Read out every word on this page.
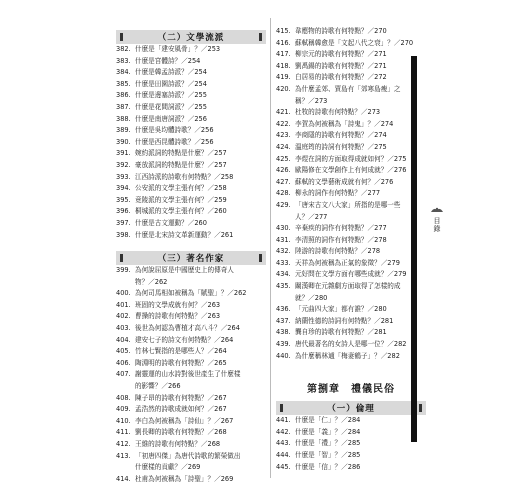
（二）文學流派
382. 什麼是「建安風骨」？／253
383. 什麼是宮體詩？／254
384. 什麼是韓孟詩派？／254
385. 什麼是田園詩派？／254
386. 什麼是邊塞詩派？／255
387. 什麼是花間詞派？／255
388. 什麼是南唐詞派？／256
389. 什麼是吳均體詩歌？／256
390. 什麼是西昆體詩歌？／256
391. 婉約派詞的特點是什麼？／257
392. 豪放派詞的特點是什麼？／257
393. 江西詩派的詩歌有何特點？／258
394. 公安派的文學主張有何？／258
395. 竟陵派的文學主張有何？／259
396. 桐城派的文學主張有何？／260
397. 什麼是古文運動？／260
398. 什麼是北宋詩文革新運動？／261
（三）著名作家
399. 為何說屈原是中國歷史上的傳奇人
物？／262
400. 為何司馬相如被稱為「賦聖」？／262
401. 班固的文學成就有何？／263
402. 曹操的詩歌有何特點？／263
403. 後世為何認為曹植才高八斗？／264
404. 建安七子的詩文有何特點？／264
405. 竹林七賢指的是哪些人？／264
406. 陶淵明的詩歌有何特點？／265
407. 謝靈運的山水詩對後世產生了什麼樣
的影響？／266
408. 陳子昂的詩歌有何特點？／267
409. 孟浩然的詩歌成就如何？／267
410. 李白為何被稱為「詩仙」？／267
411. 劉長卿的詩歌有何特點？／268
412. 王維的詩歌有何特點？／268
413. 「初唐四傑」為唐代詩歌的繁榮做出
什麼樣的貢獻？／269
414. 杜甫為何被稱為「詩聖」？／269
415. 韋應物的詩歌有何特點？／270
416. 蘇軾稱韓愈是「文起八代之衰」？／270
417. 柳宗元的詩歌有何特點？／271
418. 劉禹錫的詩歌有何特點？／271
419. 白居易的詩歌有何特點？／272
420. 為什麼孟郊、賈島有「郊寒島瘦」之
稱？／273
421. 杜牧的詩歌有何特點？／273
422. 李賀為何被稱為「詩鬼」？／274
423. 李商隱的詩歌有何特點？／274
424. 溫庭筠的詩詞有何特點？／275
425. 李煜在詞的方面取得成就如何？／275
426. 歐陽修在文學創作上有何成就？／276
427. 蘇軾的文學藝術成就有何？／276
428. 柳永的詞作有何特點？／277
429. 「唐宋古文八大家」所指的是哪一些
人？／277
430. 辛棄疾的詞作有何特點？／277
431. 李清照的詞作有何特點？／278
432. 陸游的詩歌有何特點？／278
433. 天祥為何被稱為正氣的象徵？／279
434. 元好問在文學方面有哪些成就？／279
435. 關漢卿在元雜劇方面取得了怎樣的成
就？／280
436. 「元曲四大家」都有誰？／280
437. 納蘭性德的詩詞有何特點？／281
438. 龔自珍的詩歌有何特點？／281
439. 唐代最著名的女詩人是哪一位？／282
440. 為什麼稱林逋「梅妻鶴子」？／282
第捌章　禮儀民俗
（一）倫理
441. 什麼是「仁」？／284
442. 什麼是「義」？／284
443. 什麼是「禮」？／285
444. 什麼是「智」？／285
445. 什麼是「信」？／286
目錄
